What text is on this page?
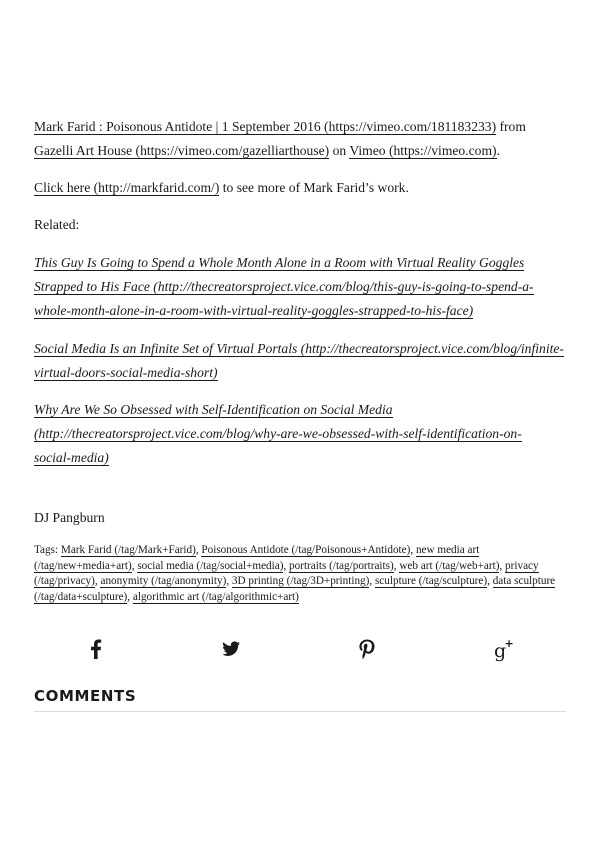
Mark Farid : Poisonous Antidote | 1 September 2016 (https://vimeo.com/181183233) from
Gazelli Art House (https://vimeo.com/gazelliarthouse) on Vimeo (https://vimeo.com).

Click here (http://markfarid.com/) to see more of Mark Farid’s work.

Related:

This Guy Is Going to Spend a Whole Month Alone in a Room with Virtual Reality Goggles
Strapped to His Face (http://thecreatorsproject.vice.com/blog/this-guy-is-going-to-spend-a-
whole-month-alone-in-a-room-with-virtual-reality-goggles-strapped-to-his-face)

Social Media Is an Infinite Set of Virtual Portals (http://thecreatorsproject.vice.com/blog/infinite-
virtual-doors-social-media-short)

Why Are We So Obsessed with Self-Identification on Social Media
(http://thecreatorsproject.vice.com/blog/why-are-we-obsessed-with-self-identification-on-
social-media)

DJ Pangburn

Tags: Mark Farid (/tag/Mark+Farid), Poisonous Antidote (/tag/Poisonous+Antidote), new media art (/tag/new+media+art), social media (/tag/social+media), portraits (/tag/portraits), web art (/tag/web+art), privacy (/tag/privacy), anonymity (/tag/anonymity), 3D printing (/tag/3D+printing), sculpture (/tag/sculpture), data sculpture (/tag/data+sculpture), algorithmic art (/tag/algorithmic+art)
g
+
COMMENTS
